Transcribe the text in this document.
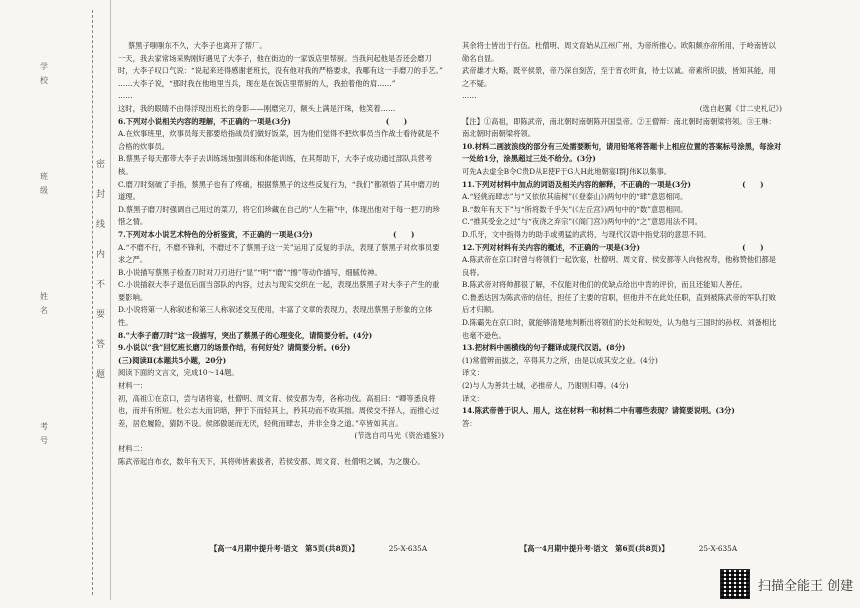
密封线内不要答题
学校
班级
姓名
考号

蔡黑子嗤嗤东不久，大李子也离开了帮厂。

一天，我去家常场采购刚好遇见了大李子，他在街边的一家饭店里帮厨。当我问起他是否还会磨刀时，大李子叹口气说：“说起来还得感谢老班长，没有他对我的严格要求，我哪有这一手磨刀的手艺。”

……大李子说，“那时我在他地里当兵，现在是在饭店里帮厨的人，我拍着他的肩……”

……

这时，我的眼睛不由得浮现出班长的身影——刚磨完刀，额头上满是汗珠，他笑着……

6.下列对小说相关内容的理解，不正确的一项是(3分)　　　　　　　　　　　　　(　　)

A.在炊事班里，炊事员每天都要给指战员们做好饭菜，因为他们觉得不把炊事员当作战士看待就是不合格的炊事员。

B.蔡黑子每天都带大李子去训练场加强训练和体能训练，在其帮助下，大李子成功通过部队兵营考核。

C.磨刀时刻破了手指，蔡黑子也有了疼痛，根据蔡黑子的这些反复行为，“我们”都领悟了其中磨刀的道理。

D.蔡黑子磨刀时强调自己用过的菜刀，将它们珍藏在自己的“人生箱”中，体现出他对于每一把刀的珍惜之情。

7.下列对本小说艺术特色的分析鉴赏，不正确的一项是(3分)　　　　　　　　　　　(　　)

A.“不磨不行，不磨不锋利，不磨过不了蔡黑子这一关”运用了反复的手法，表现了蔡黑子对炊事员要求之严。

B.小说描写蔡黑子检查刀时对刀刃进行“显”“明”“磨”“擦”等动作描写，细腻传神。

C.小说插叙大李子退伍后面当部队的内容，过去与现实交织在一起，表现出蔡黑子对大李子产生的重要影响。

D.小说将第一人称叙述和第三人称叙述交互使用，丰富了文章的表现力，表现出蔡黑子形象的立体性。

8.“大李子磨刀时”这一段描写，突出了蔡黑子的心理变化，请简要分析。(4分)

9.小说以“我”回忆班长磨刀的场景作结，有何好处？请简要分析。(6分)

(三)阅读Ⅱ(本题共5小题，20分)

阅读下面的文言文，完成10～14题。

材料一：

初，高祖①在京口，尝与诸将宴，杜僧明、周文育、侯安都为寿，各称功伐。高祖曰：“卿等悉良将也，而并有所短。杜公志大而识暗，狎于下而轻其上，矜其功而不收其拙。周侯交不择人，而推心过差，居危履险，猜防不设。侯郎傲诞而无厌，轻佻而肆志，并非全身之道。”卒皆如其言。

(节选自司马光《资治通鉴》)

材料二：

陈武帝起自布衣，数年有天下，其将帅皆素拔者，若侯安都、周文育、杜僧明之属，为之腹心。

其余将士皆出于行伍。杜僧明、周文育始从江州广州，为帝所推心。欧阳颇亦帝所用，于岭南皆以勋名自显。

武帝雄才大略，既平侯景，帝乃深自刻苦，至于宵衣旰食，待士以诚。帝素所识拔，皆知其能，用之不疑。

……

(选自赵翼《廿二史札记》)

【注】①高祖，即陈武帝，南北朝时南朝陈开国皇帝。②王僧辩：南北朝时南朝梁将领。③王琳：南北朝时南朝梁将领。

10.材料二画波浪线的部分有三处需要断句，请用铅笔将答题卡上相应位置的答案标号涂黑，每涂对一处给1分，涂黑超过三处不给分。(3分)

可先A去虚全B令C贵D从E使F于G人H此地朝宴I群J伟K以集事。

11.下列对材料中加点的词语及相关内容的解释，不正确的一项是(3分)　　　　　　　(　　)

A.“轻佻而肆志”与“又依依其庙树”(《登泰山》)两句中的“肆”意思相同。

B.“数年有天下”与“所将数千乎矢”(《左丘宫》)两句中的“数”意思相同。

C.“推其受金之过”与“夜浇之弃宗”(《阁门宫》)两句中的“之”意思用法不同。

D.爪牙，文中指得力的助手或勇猛的武将，与现代汉语中指党羽的意思不同。

12.下列对材料有关内容的概述，不正确的一项是(3分)　　　　　　　　　　　　　　(　　)

A.陈武帝在京口时曾与将领们一起饮宴，杜僧明、周文育、侯安都等人向他祝寿，他称赞他们都是良将。

B.陈武帝对将帅都很了解，不仅能对他们的优缺点给出中肯的评价，而且还能知人善任。

C.鲁悉达因为陈武帝的信任，担任了主要的官职，但他并不在此处任职，直到被陈武帝的军队打败后才归顺。

D.陈霸先在京口时，就能够清楚地判断出将领们的长处和短处，认为他与三国时的孙权、刘备相比也毫不逊色。

13.把材料中画横线的句子翻译成现代汉语。(8分)

(1)常僧辨而拔之，卒得其力之所，由是以成其安之业。(4分)

译文：

(2)与人为善共士城，必推帝人，乃谢则归尊。(4分)

译文：

14.陈武帝善于识人、用人，这在材料一和材料二中有哪些表现？请简要说明。(3分)

答：

【高一4月期中提升考·语文　第5页(共8页)】	25-X-635A	【高一4月期中提升考·语文　第6页(共8页)】	25-X-635A
扫描全能王 创建
